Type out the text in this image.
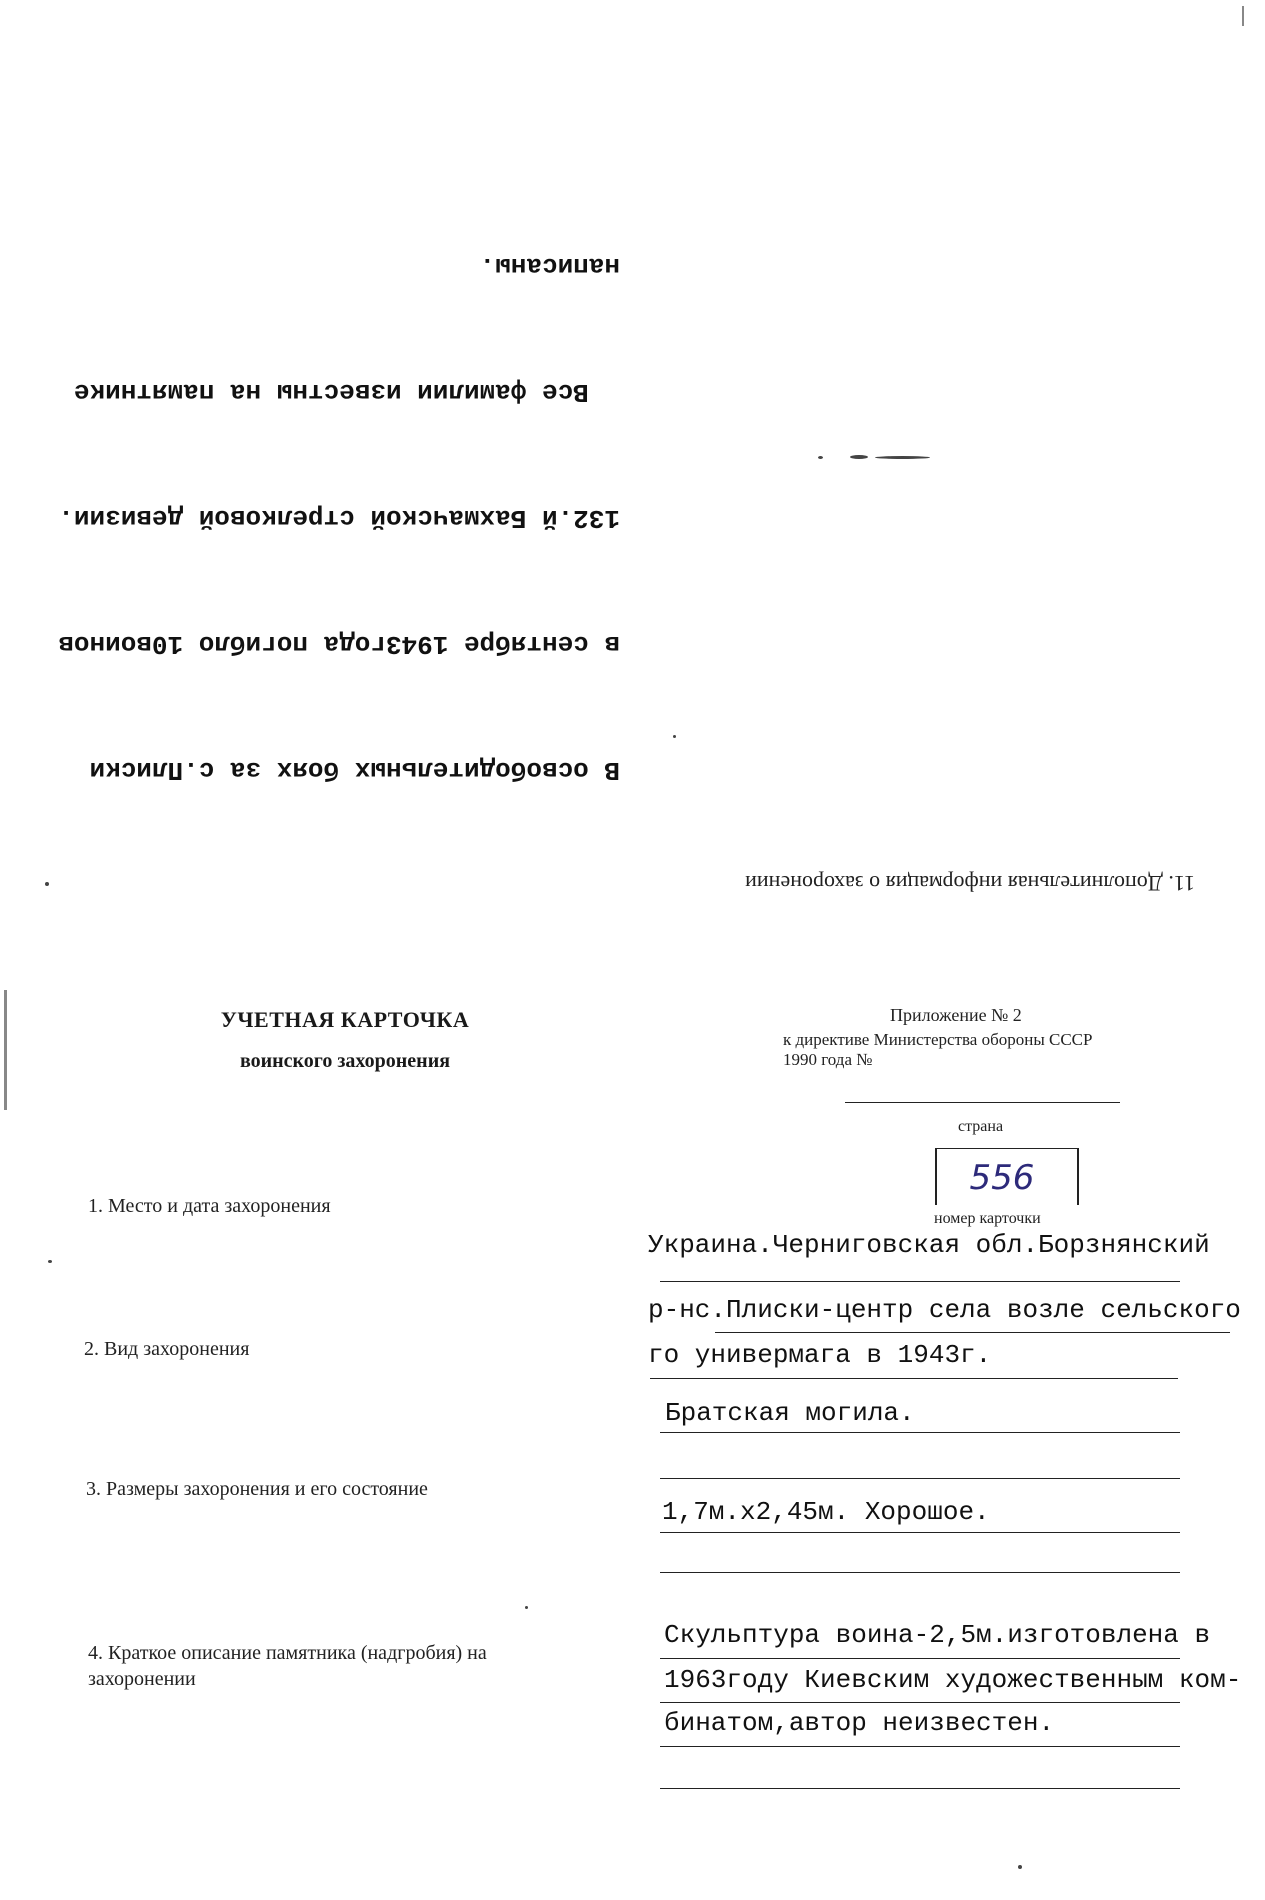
В освободительных боях за с.Плиски

в сентябре 1943года погибло 10воинов

132.й Бахмачской стрелковой девизии.

Все фамилии известны на памятнике

написаны.

11. Дополнительная информация о захоронении
УЧЕТНАЯ КАРТОЧКА
воинского захоронения
Приложение № 2
к директиве Министерства обороны СССР
1990 года №
страна
556
номер карточки
1. Место и дата захоронения
Украина.Черниговская обл.Борзнянский
р-нс.Плиски-центр села возле сельского
го универмага в 1943г.
2. Вид захоронения
Братская могила.
3. Размеры захоронения и его состояние
1,7м.х2,45м. Хорошое.
4. Краткое описание памятника (надгробия) на
захоронении
Скульптура воина-2,5м.изготовлена в
1963году Киевским художественным ком-
бинатом,автор неизвестен.
